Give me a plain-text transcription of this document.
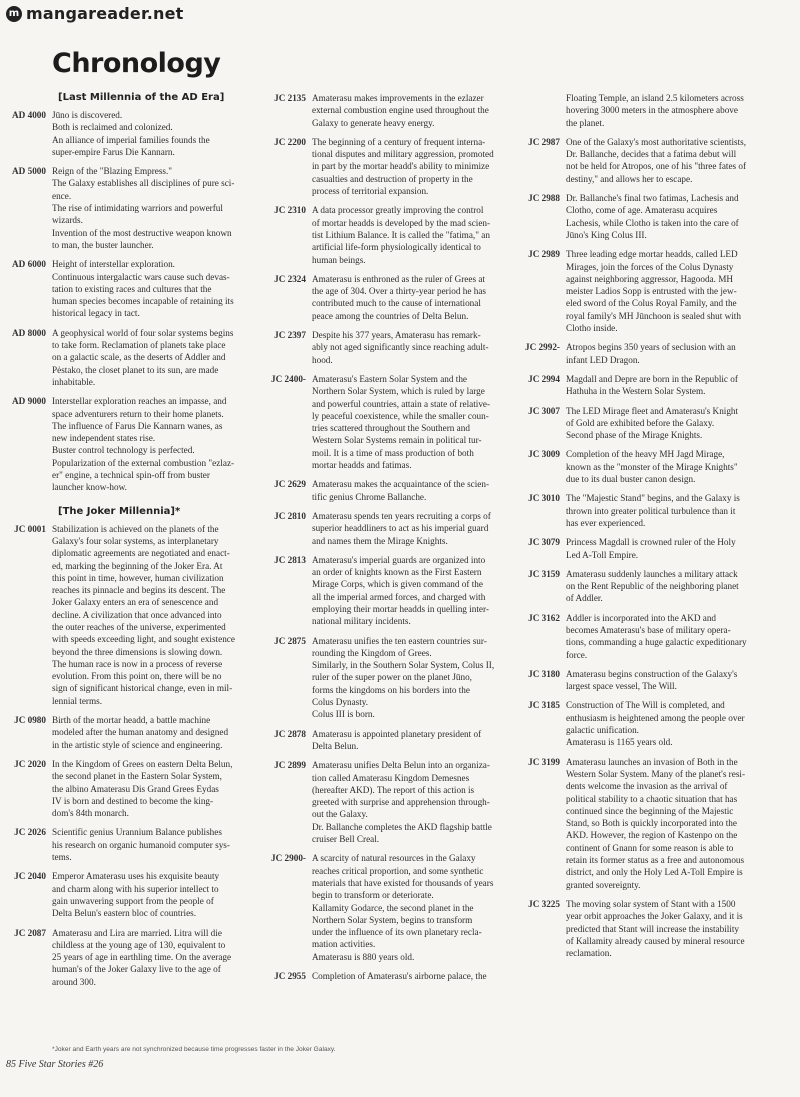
m mangareader.net
Chronology
[Last Millennia of the AD Era]
AD 4000 Jūno is discovered.
Both is reclaimed and colonized.
An alliance of imperial families founds the
super-empire Farus Die Kannarn.
AD 5000 Reign of the "Blazing Empress."
The Galaxy establishes all disciplines of pure sci-
ence.
The rise of intimidating warriors and powerful
wizards.
Invention of the most destructive weapon known
to man, the buster launcher.
AD 6000 Height of interstellar exploration.
Continuous intergalactic wars cause such devas-
tation to existing races and cultures that the
human species becomes incapable of retaining its
historical legacy in tact.
AD 8000 A geophysical world of four solar systems begins
to take form. Reclamation of planets take place
on a galactic scale, as the deserts of Addler and
Pėstako, the closet planet to its sun, are made
inhabitable.
AD 9000 Interstellar exploration reaches an impasse, and
space adventurers return to their home planets.
The influence of Farus Die Kannarn wanes, as
new independent states rise.
Buster control technology is perfected.
Popularization of the external combustion "ezlaz-
er" engine, a technical spin-off from buster
launcher know-how.
[The Joker Millennia]*
JC 0001 Stabilization is achieved on the planets of the
Galaxy's four solar systems, as interplanetary
diplomatic agreements are negotiated and enact-
ed, marking the beginning of the Joker Era. At
this point in time, however, human civilization
reaches its pinnacle and begins its descent. The
Joker Galaxy enters an era of senescence and
decline. A civilization that once advanced into
the outer reaches of the universe, experimented
with speeds exceeding light, and sought existence
beyond the three dimensions is slowing down.
The human race is now in a process of reverse
evolution. From this point on, there will be no
sign of significant historical change, even in mil-
lennial terms.
JC 0980 Birth of the mortar headd, a battle machine
modeled after the human anatomy and designed
in the artistic style of science and engineering.
JC 2020 In the Kingdom of Grees on eastern Delta Belun,
the second planet in the Eastern Solar System,
the albino Amaterasu Dis Grand Grees Eydas
IV is born and destined to become the king-
dom's 84th monarch.
JC 2026 Scientific genius Urannium Balance publishes
his research on organic humanoid computer sys-
tems.
JC 2040 Emperor Amaterasu uses his exquisite beauty
and charm along with his superior intellect to
gain unwavering support from the people of
Delta Belun's eastern bloc of countries.
JC 2087 Amaterasu and Lira are married. Litra will die
childless at the young age of 130, equivalent to
25 years of age in earthling time. On the average
human's of the Joker Galaxy live to the age of
around 300.
JC 2135 Amaterasu makes improvements in the ezlazer
external combustion engine used throughout the
Galaxy to generate heavy energy.
JC 2200 The beginning of a century of frequent interna-
tional disputes and military aggression, promoted
in part by the mortar headd's ability to minimize
casualties and destruction of property in the
process of territorial expansion.
JC 2310 A data processor greatly improving the control
of mortar headds is developed by the mad scien-
tist Lithium Balance. It is called the "fatima," an
artificial life-form physiologically identical to
human beings.
JC 2324 Amaterasu is enthroned as the ruler of Grees at
the age of 304. Over a thirty-year period he has
contributed much to the cause of international
peace among the countries of Delta Belun.
JC 2397 Despite his 377 years, Amaterasu has remark-
ably not aged significantly since reaching adult-
hood.
JC 2400- Amaterasu's Eastern Solar System and the
Northern Solar System, which is ruled by large
and powerful countries, attain a state of relative-
ly peaceful coexistence, while the smaller coun-
tries scattered throughout the Southern and
Western Solar Systems remain in political tur-
moil. It is a time of mass production of both
mortar headds and fatimas.
JC 2629 Amaterasu makes the acquaintance of the scien-
tific genius Chrome Ballanche.
JC 2810 Amaterasu spends ten years recruiting a corps of
superior headdliners to act as his imperial guard
and names them the Mirage Knights.
JC 2813 Amaterasu's imperial guards are organized into
an order of knights known as the First Eastern
Mirage Corps, which is given command of the
all the imperial armed forces, and charged with
employing their mortar headds in quelling inter-
national military incidents.
JC 2875 Amaterasu unifies the ten eastern countries sur-
rounding the Kingdom of Grees.
Similarly, in the Southern Solar System, Colus II,
ruler of the super power on the planet Jūno,
forms the kingdoms on his borders into the
Colus Dynasty.
Colus III is born.
JC 2878 Amaterasu is appointed planetary president of
Delta Belun.
JC 2899 Amaterasu unifies Delta Belun into an organiza-
tion called Amaterasu Kingdom Demesnes
(hereafter AKD). The report of this action is
greeted with surprise and apprehension through-
out the Galaxy.
Dr. Ballanche completes the AKD flagship battle
cruiser Bell Creal.
JC 2900- A scarcity of natural resources in the Galaxy
reaches critical proportion, and some synthetic
materials that have existed for thousands of years
begin to transform or deteriorate.
Kallamity Godarce, the second planet in the
Northern Solar System, begins to transform
under the influence of its own planetary recla-
mation activities.
Amaterasu is 880 years old.
JC 2955 Completion of Amaterasu's airborne palace, the
Floating Temple, an island 2.5 kilometers across
hovering 3000 meters in the atmosphere above
the planet.
JC 2987 One of the Galaxy's most authoritative scientists,
Dr. Ballanche, decides that a fatima debut will
not be held for Atropos, one of his "three fates of
destiny," and allows her to escape.
JC 2988 Dr. Ballanche's final two fatimas, Lachesis and
Clotho, come of age. Amaterasu acquires
Lachesis, while Clotho is taken into the care of
Jūno's King Colus III.
JC 2989 Three leading edge mortar headds, called LED
Mirages, join the forces of the Colus Dynasty
against neighboring aggressor, Hagooda. MH
meister Ladios Sopp is entrusted with the jew-
eled sword of the Colus Royal Family, and the
royal family's MH Jūnchoon is sealed shut with
Clotho inside.
JC 2992- Atropos begins 350 years of seclusion with an
infant LED Dragon.
JC 2994 Magdall and Depre are born in the Republic of
Hathuha in the Western Solar System.
JC 3007 The LED Mirage fleet and Amaterasu's Knight
of Gold are exhibited before the Galaxy.
Second phase of the Mirage Knights.
JC 3009 Completion of the heavy MH Jagd Mirage,
known as the "monster of the Mirage Knights"
due to its dual buster canon design.
JC 3010 The "Majestic Stand" begins, and the Galaxy is
thrown into greater political turbulence than it
has ever experienced.
JC 3079 Princess Magdall is crowned ruler of the Holy
Led A-Toll Empire.
JC 3159 Amaterasu suddenly launches a military attack
on the Rent Republic of the neighboring planet
of Addler.
JC 3162 Addler is incorporated into the AKD and
becomes Amaterasu's base of military opera-
tions, commanding a huge galactic expeditionary
force.
JC 3180 Amaterasu begins construction of the Galaxy's
largest space vessel, The Will.
JC 3185 Construction of The Will is completed, and
enthusiasm is heightened among the people over
galactic unification.
Amaterasu is 1165 years old.
JC 3199 Amaterasu launches an invasion of Both in the
Western Solar System. Many of the planet's resi-
dents welcome the invasion as the arrival of
political stability to a chaotic situation that has
continued since the beginning of the Majestic
Stand, so Both is quickly incorporated into the
AKD. However, the region of Kastenpo on the
continent of Gnann for some reason is able to
retain its former status as a free and autonomous
district, and only the Holy Led A-Toll Empire is
granted sovereignty.
JC 3225 The moving solar system of Stant with a 1500
year orbit approaches the Joker Galaxy, and it is
predicted that Stant will increase the instability
of Kallamity already caused by mineral resource
reclamation.
*Joker and Earth years are not synchronized because time progresses faster in the Joker Galaxy.
85 Five Star Stories #26
